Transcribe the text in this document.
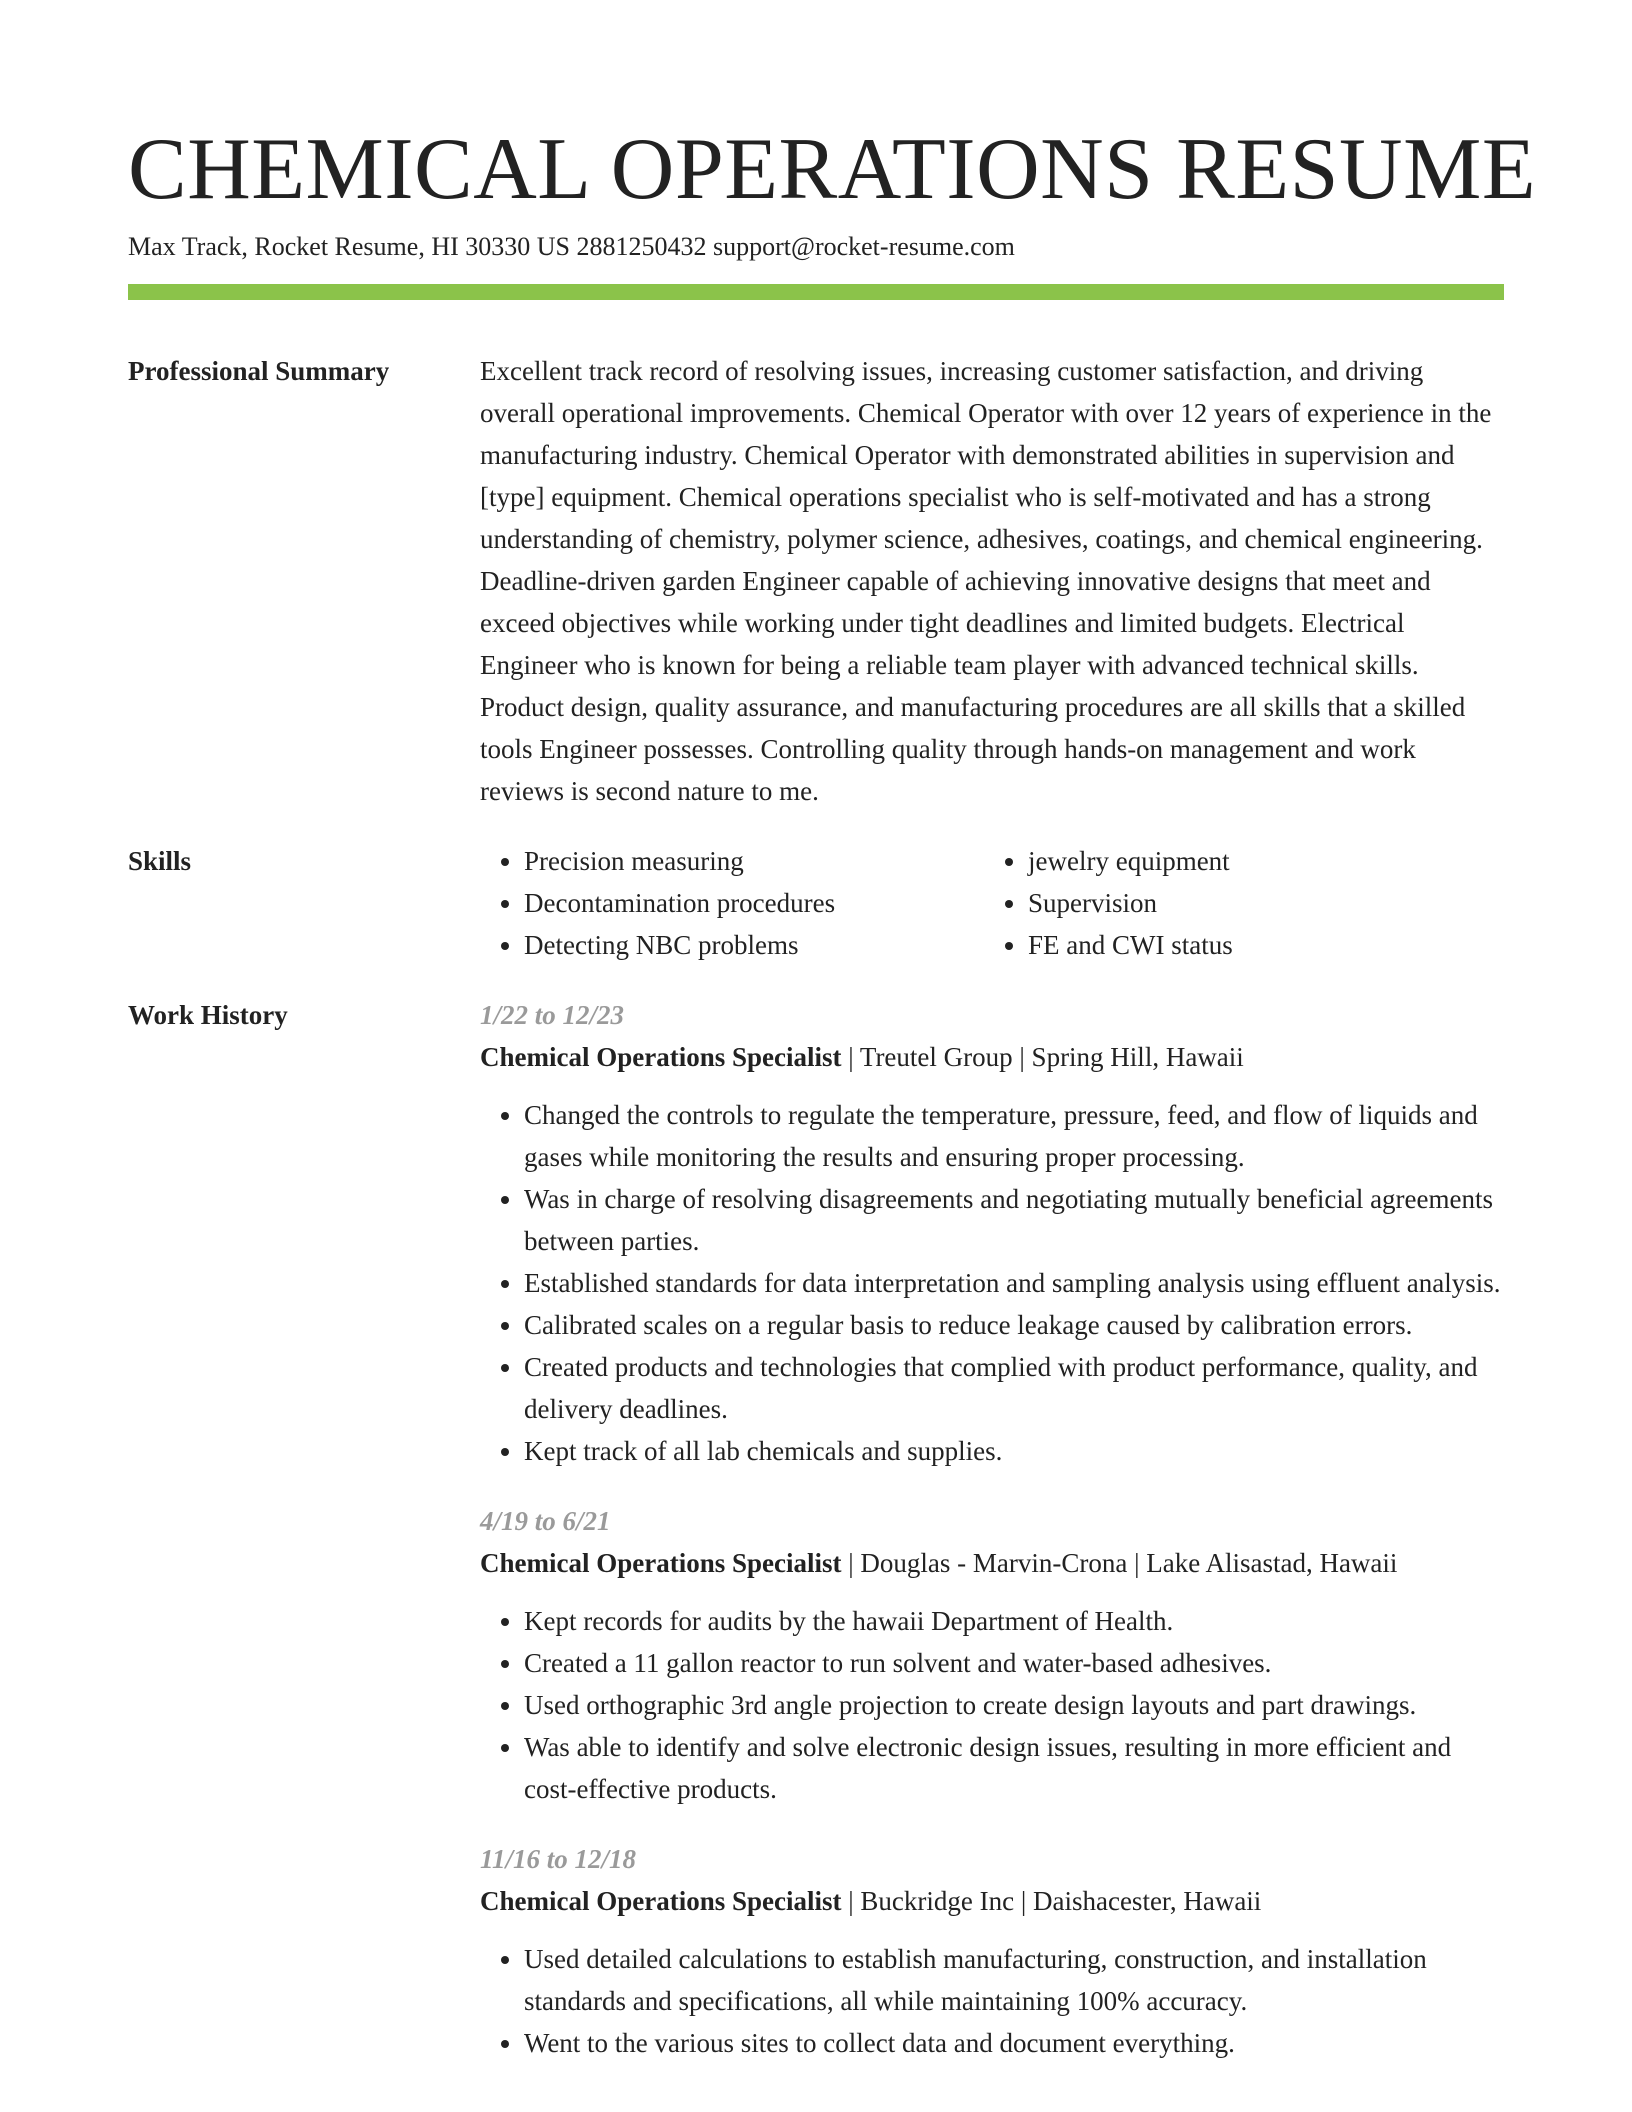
CHEMICAL OPERATIONS RESUME
Max Track, Rocket Resume, HI 30330 US 2881250432 support@rocket-resume.com
Professional Summary	Excellent track record of resolving issues, increasing customer satisfaction, and driving overall operational improvements. Chemical Operator with over 12 years of experience in the manufacturing industry. Chemical Operator with demonstrated abilities in supervision and [type] equipment. Chemical operations specialist who is self-motivated and has a strong understanding of chemistry, polymer science, adhesives, coatings, and chemical engineering. Deadline-driven garden Engineer capable of achieving innovative designs that meet and exceed objectives while working under tight deadlines and limited budgets. Electrical Engineer who is known for being a reliable team player with advanced technical skills. Product design, quality assurance, and manufacturing procedures are all skills that a skilled tools Engineer possesses. Controlling quality through hands-on management and work reviews is second nature to me.
Skills
•	Precision measuring
• Decontamination procedures
• Detecting NBC problems
• jewelry equipment
• Supervision
• FE and CWI status
Work History	1/22 to 12/23
Chemical Operations Specialist | Treutel Group | Spring Hill, Hawaii
• Changed the controls to regulate the temperature, pressure, feed, and flow of liquids and gases while monitoring the results and ensuring proper processing.
• Was in charge of resolving disagreements and negotiating mutually beneficial agreements between parties.
• Established standards for data interpretation and sampling analysis using effluent analysis.
• Calibrated scales on a regular basis to reduce leakage caused by calibration errors.
• Created products and technologies that complied with product performance, quality, and delivery deadlines.
• Kept track of all lab chemicals and supplies.
4/19 to 6/21
Chemical Operations Specialist | Douglas - Marvin-Crona | Lake Alisastad, Hawaii
• Kept records for audits by the hawaii Department of Health.
• Created a 11 gallon reactor to run solvent and water-based adhesives.
• Used orthographic 3rd angle projection to create design layouts and part drawings.
• Was able to identify and solve electronic design issues, resulting in more efficient and cost-effective products.
11/16 to 12/18
Chemical Operations Specialist | Buckridge Inc | Daishacester, Hawaii
• Used detailed calculations to establish manufacturing, construction, and installation standards and specifications, all while maintaining 100% accuracy.
• Went to the various sites to collect data and document everything.
